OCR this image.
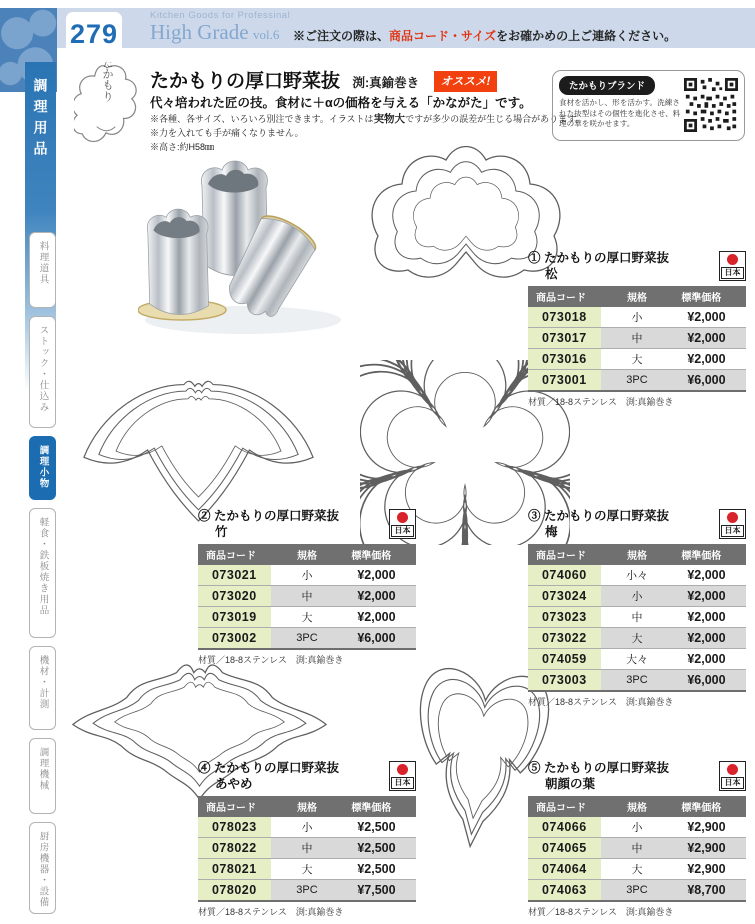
279
Kitchen Goods for Professinal
High Grade vol.6	※ご注文の際は、商品コード・サイズをお確かめの上ご連絡ください。
調理用品
料理道具
ストック・仕込み
調理小物
軽食・鉄板焼き用品
機材・計測
調理機械
厨房機器・設備
たかもり たかもりの厚口野菜抜 渕:真鍮巻き オススメ!
代々培われた匠の技。食材に＋αの価格を与える「かながた」です。
※各種、各サイズ、いろいろ別注できます。イラストは実物大ですが多少の誤差が生じる場合があります。
※力を入れても手が痛くなりません。
※高さ:約H58㎜
たかもりブランド
食材を活かし、形を活かす。洗練された抜型はその個性を進化させ、料理の華を咲かせます。
① たかもりの厚口野菜抜
松	日本
商品コード	規格	標準価格
073018	小	¥2,000
073017	中	¥2,000
073016	大	¥2,000
073001	3PC	¥6,000
材質／18-8ステンレス　渕:真鍮巻き
② たかもりの厚口野菜抜
竹	日本
商品コード	規格	標準価格
073021	小	¥2,000
073020	中	¥2,000
073019	大	¥2,000
073002	3PC	¥6,000
材質／18-8ステンレス　渕:真鍮巻き
③ たかもりの厚口野菜抜
梅	日本
商品コード	規格	標準価格
074060	小々	¥2,000
073024	小	¥2,000
073023	中	¥2,000
073022	大	¥2,000
074059	大々	¥2,000
073003	3PC	¥6,000
材質／18-8ステンレス　渕:真鍮巻き
④ たかもりの厚口野菜抜
あやめ	日本
商品コード	規格	標準価格
078023	小	¥2,500
078022	中	¥2,500
078021	大	¥2,500
078020	3PC	¥7,500
材質／18-8ステンレス　渕:真鍮巻き
⑤ たかもりの厚口野菜抜
朝顔の葉	日本
商品コード	規格	標準価格
074066	小	¥2,900
074065	中	¥2,900
074064	大	¥2,900
074063	3PC	¥8,700
材質／18-8ステンレス　渕:真鍮巻き
